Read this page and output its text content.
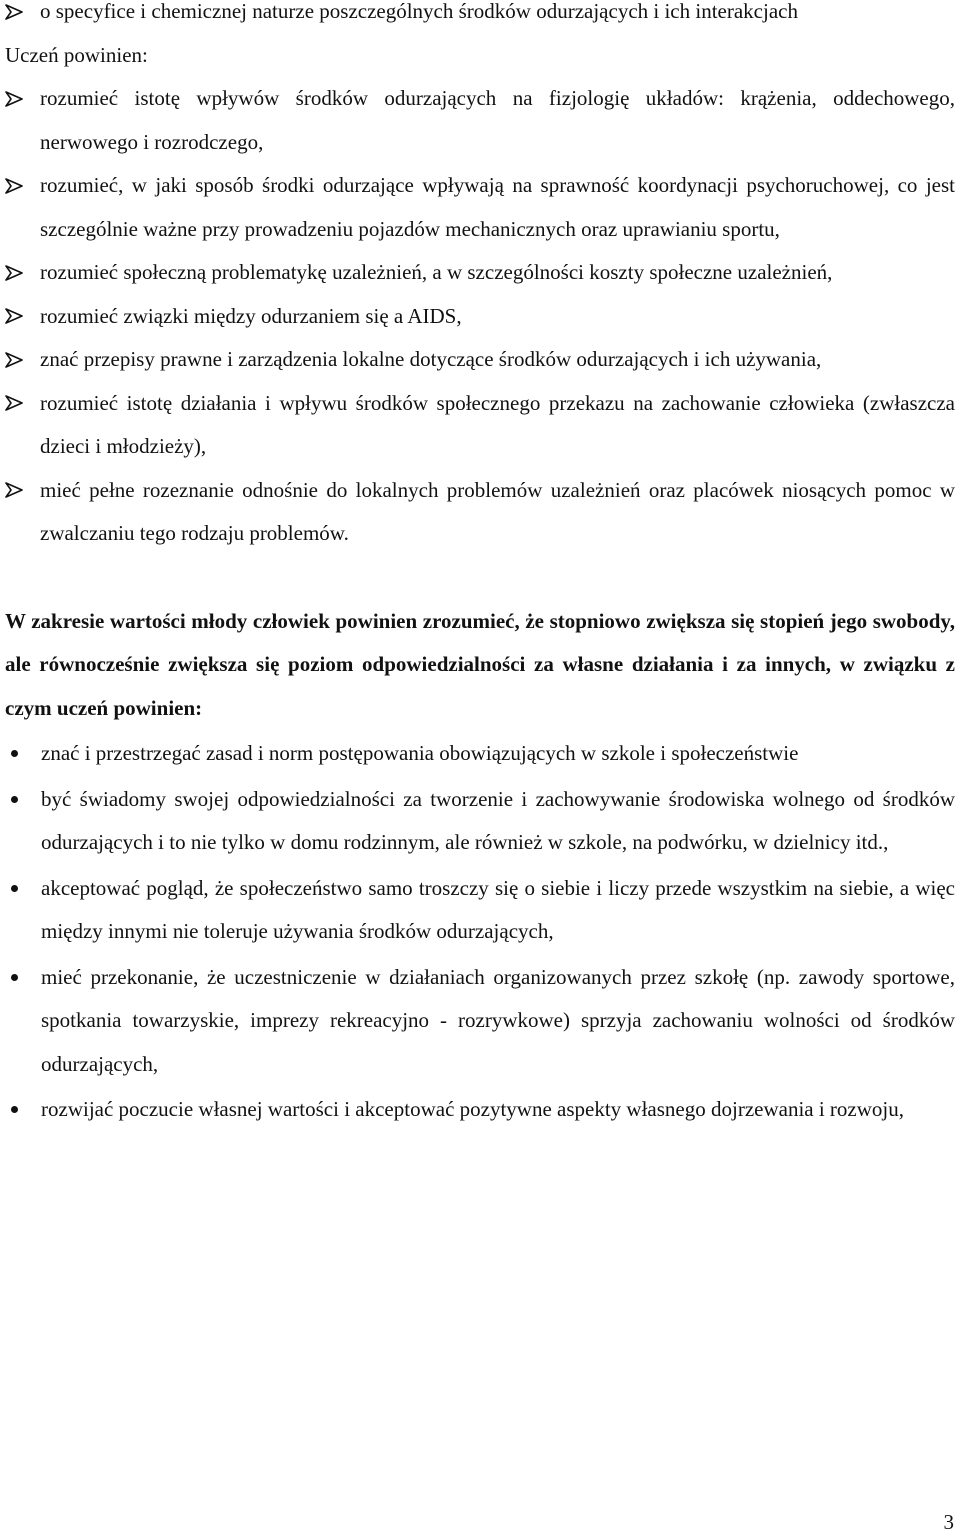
o specyfice i chemicznej naturze poszczególnych środków odurzających i ich interakcjach
Uczeń powinien:
rozumieć istotę wpływów środków odurzających na fizjologię układów: krążenia, oddechowego, nerwowego i rozrodczego,
rozumieć, w jaki sposób środki odurzające wpływają na sprawność koordynacji psychoruchowej, co jest szczególnie ważne przy prowadzeniu pojazdów mechanicznych oraz uprawianiu sportu,
rozumieć społeczną problematykę uzależnień, a w szczególności koszty społeczne uzależnień,
rozumieć związki między odurzaniem się a AIDS,
znać przepisy prawne i zarządzenia lokalne dotyczące środków odurzających i ich używania,
rozumieć istotę działania i wpływu środków społecznego przekazu na zachowanie człowieka (zwłaszcza dzieci i młodzieży),
mieć pełne rozeznanie odnośnie do lokalnych problemów uzależnień oraz placówek niosących pomoc w zwalczaniu tego rodzaju problemów.
W zakresie wartości młody człowiek powinien zrozumieć, że stopniowo zwiększa się stopień jego swobody, ale równocześnie zwiększa się poziom odpowiedzialności za własne działania i za innych, w związku z czym uczeń powinien:
znać i przestrzegać zasad i norm postępowania obowiązujących w szkole i społeczeństwie
być świadomy swojej odpowiedzialności za tworzenie i zachowywanie środowiska wolnego od środków odurzających i to nie tylko w domu rodzinnym, ale również w szkole, na podwórku, w dzielnicy itd.,
akceptować pogląd, że społeczeństwo samo troszczy się o siebie i liczy przede wszystkim na siebie, a więc między innymi nie toleruje używania środków odurzających,
mieć przekonanie, że uczestniczenie w działaniach organizowanych przez szkołę (np. zawody sportowe, spotkania towarzyskie, imprezy rekreacyjno - rozrywkowe) sprzyja zachowaniu wolności od środków odurzających,
rozwijać poczucie własnej wartości i akceptować pozytywne aspekty własnego dojrzewania i rozwoju,
3
